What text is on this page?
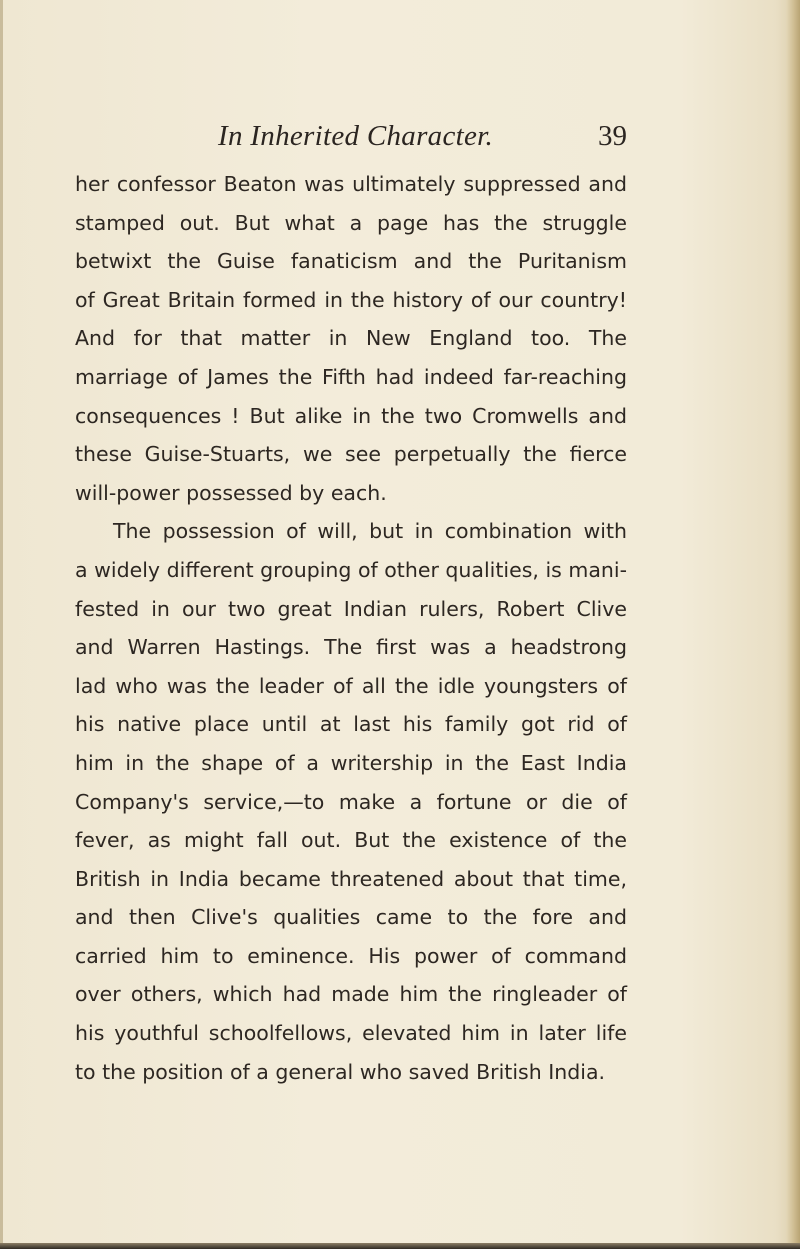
In Inherited Character.	39
her confessor Beaton was ultimately suppressed and
stamped out. But what a page has the struggle
betwixt the Guise fanaticism and the Puritanism
of Great Britain formed in the history of our country!
And for that matter in New England too. The
marriage of James the Fifth had indeed far-reaching
consequences ! But alike in the two Cromwells and
these Guise-Stuarts, we see perpetually the fierce
will-power possessed by each.
The possession of will, but in combination with
a widely different grouping of other qualities, is mani-
fested in our two great Indian rulers, Robert Clive
and Warren Hastings. The first was a headstrong
lad who was the leader of all the idle youngsters of
his native place until at last his family got rid of
him in the shape of a writership in the East India
Company's service,—to make a fortune or die of
fever, as might fall out. But the existence of the
British in India became threatened about that time,
and then Clive's qualities came to the fore and
carried him to eminence. His power of command
over others, which had made him the ringleader of
his youthful schoolfellows, elevated him in later life
to the position of a general who saved British India.
